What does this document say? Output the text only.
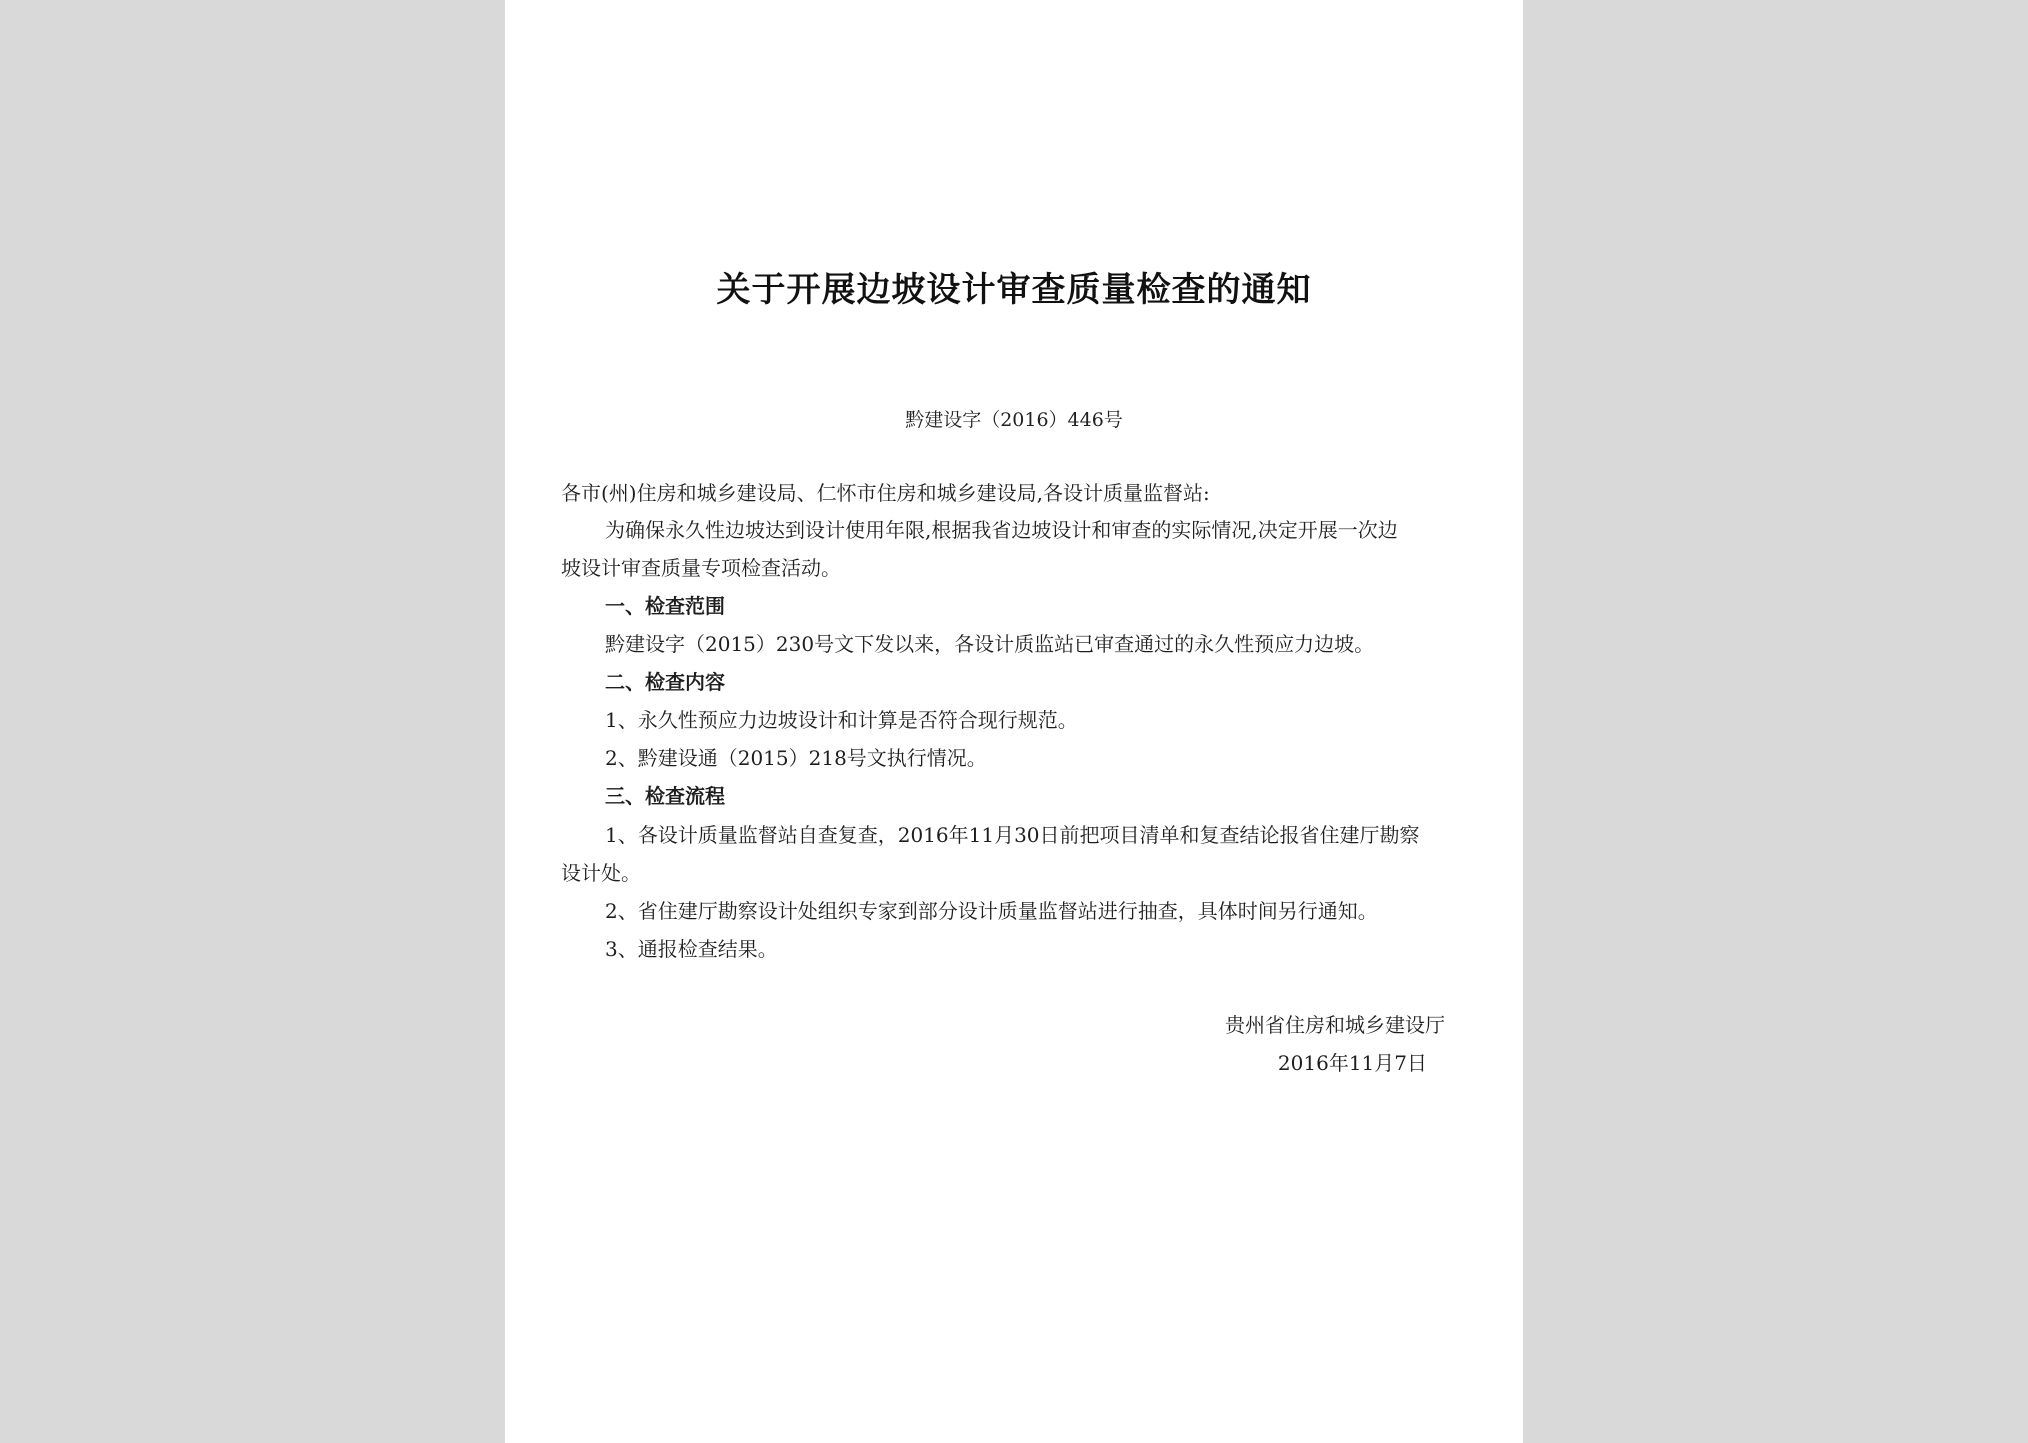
关于开展边坡设计审查质量检查的通知
黔建设字（2016）446号
各市(州)住房和城乡建设局、仁怀市住房和城乡建设局,各设计质量监督站:
为确保永久性边坡达到设计使用年限,根据我省边坡设计和审查的实际情况,决定开展一次边
坡设计审查质量专项检查活动。
一、检查范围
黔建设字（2015）230号文下发以来，各设计质监站已审查通过的永久性预应力边坡。
二、检查内容
1、永久性预应力边坡设计和计算是否符合现行规范。
2、黔建设通（2015）218号文执行情况。
三、检查流程
1、各设计质量监督站自查复查，2016年11月30日前把项目清单和复查结论报省住建厅勘察
设计处。
2、省住建厅勘察设计处组织专家到部分设计质量监督站进行抽查，具体时间另行通知。
3、通报检查结果。
贵州省住房和城乡建设厅
2016年11月7日
